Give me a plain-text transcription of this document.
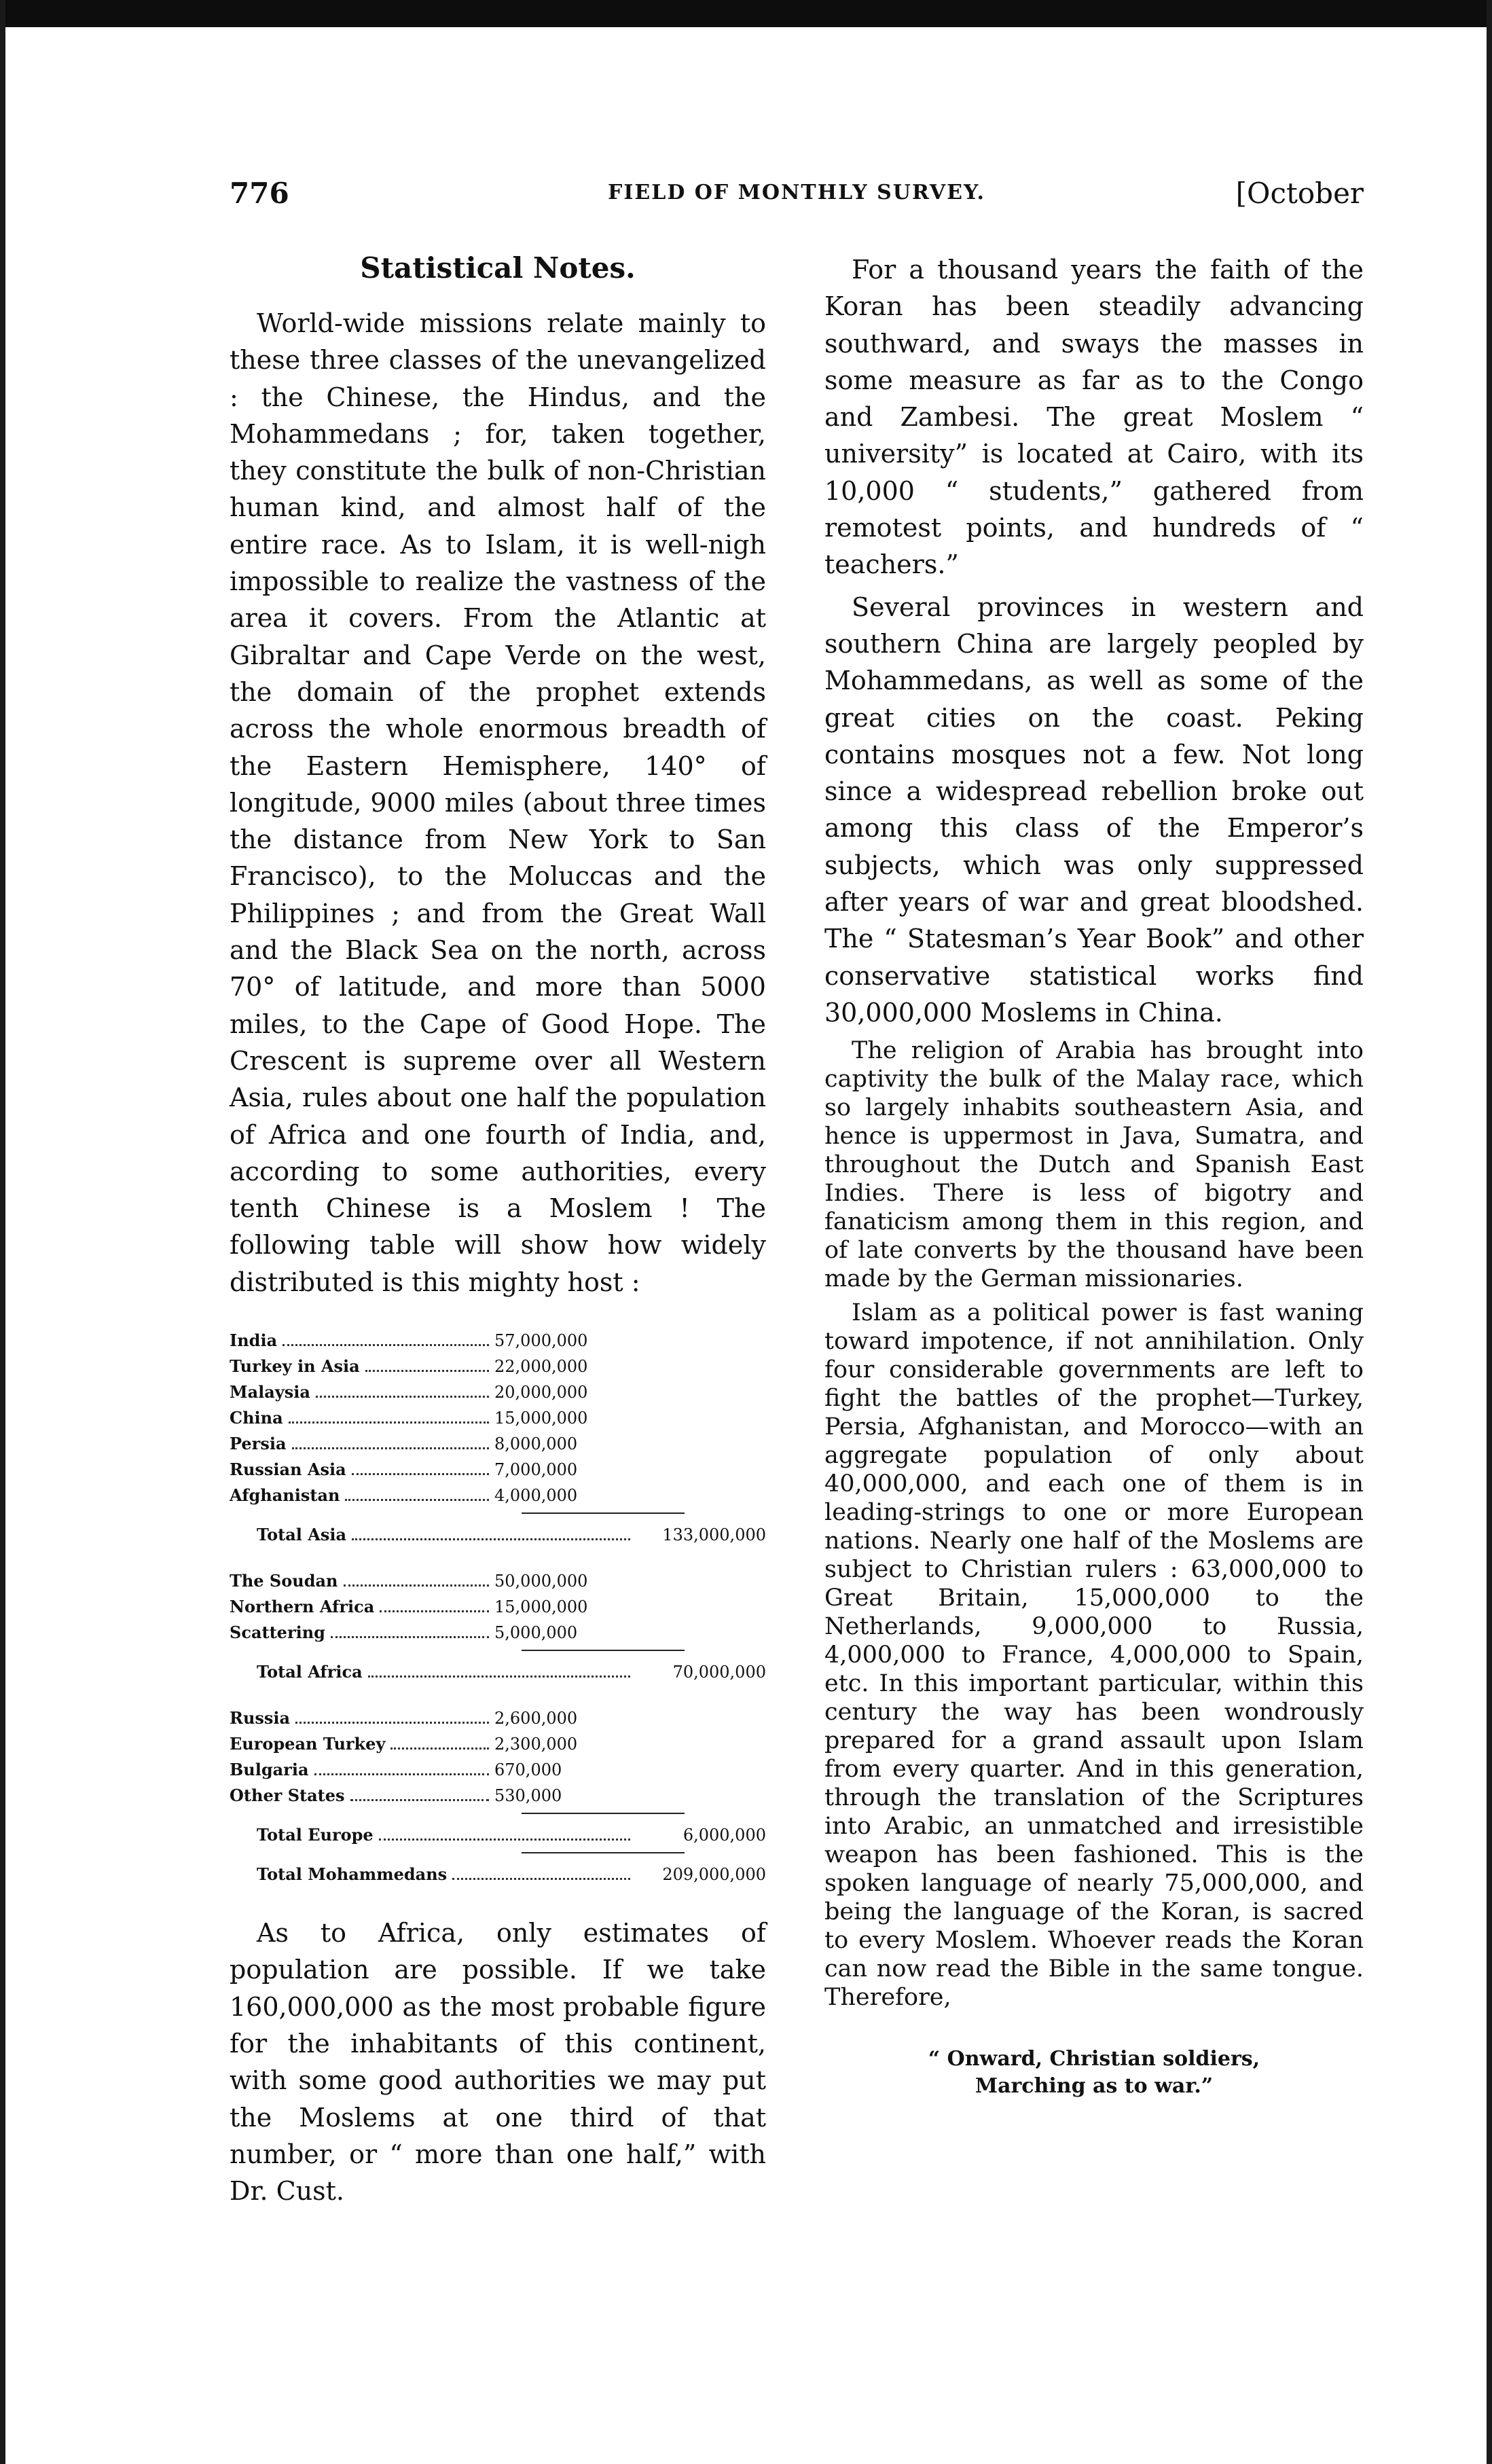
776	FIELD OF MONTHLY SURVEY.	[October
Statistical Notes.

World-wide missions relate mainly to these three classes of the unevangelized : the Chinese, the Hindus, and the Mohammedans ; for, taken together, they constitute the bulk of non-Christian human kind, and almost half of the entire race. As to Islam, it is well-nigh impossible to realize the vastness of the area it covers. From the Atlantic at Gibraltar and Cape Verde on the west, the domain of the prophet extends across the whole enormous breadth of the Eastern Hemisphere, 140° of longitude, 9000 miles (about three times the distance from New York to San Francisco), to the Moluccas and the Philippines ; and from the Great Wall and the Black Sea on the north, across 70° of latitude, and more than 5000 miles, to the Cape of Good Hope. The Crescent is supreme over all Western Asia, rules about one half the population of Africa and one fourth of India, and, according to some authorities, every tenth Chinese is a Moslem ! The following table will show how widely distributed is this mighty host :

India	57,000,000
Turkey in Asia	22,000,000
Malaysia	20,000,000
China	15,000,000
Persia	8,000,000
Russian Asia	7,000,000
Afghanistan	4,000,000
Total Asia	133,000,000
The Soudan	50,000,000
Northern Africa	15,000,000
Scattering	5,000,000
Total Africa	70,000,000
Russia	2,600,000
European Turkey	2,300,000
Bulgaria	670,000
Other States	530,000
Total Europe	6,000,000
Total Mohammedans	209,000,000

As to Africa, only estimates of population are possible. If we take 160,000,000 as the most probable figure for the inhabitants of this continent, with some good authorities we may put the Moslems at one third of that number, or “ more than one half,” with Dr. Cust.

For a thousand years the faith of the Koran has been steadily advancing southward, and sways the masses in some measure as far as to the Congo and Zambesi. The great Moslem “ university” is located at Cairo, with its 10,000 “ students,” gathered from remotest points, and hundreds of “ teachers.”

Several provinces in western and southern China are largely peopled by Mohammedans, as well as some of the great cities on the coast. Peking contains mosques not a few. Not long since a widespread rebellion broke out among this class of the Emperor’s subjects, which was only suppressed after years of war and great bloodshed. The “ Statesman’s Year Book” and other conservative statistical works find 30,000,000 Moslems in China.

The religion of Arabia has brought into captivity the bulk of the Malay race, which so largely inhabits southeastern Asia, and hence is uppermost in Java, Sumatra, and throughout the Dutch and Spanish East Indies. There is less of bigotry and fanaticism among them in this region, and of late converts by the thousand have been made by the German missionaries.

Islam as a political power is fast waning toward impotence, if not annihilation. Only four considerable governments are left to fight the battles of the prophet—Turkey, Persia, Afghanistan, and Morocco—with an aggregate population of only about 40,000,000, and each one of them is in leading-strings to one or more European nations. Nearly one half of the Moslems are subject to Christian rulers : 63,000,000 to Great Britain, 15,000,000 to the Netherlands, 9,000,000 to Russia, 4,000,000 to France, 4,000,000 to Spain, etc. In this important particular, within this century the way has been wondrously prepared for a grand assault upon Islam from every quarter. And in this generation, through the translation of the Scriptures into Arabic, an unmatched and irresistible weapon has been fashioned. This is the spoken language of nearly 75,000,000, and being the language of the Koran, is sacred to every Moslem. Whoever reads the Koran can now read the Bible in the same tongue. Therefore,

“ Onward, Christian soldiers,
Marching as to war.”
